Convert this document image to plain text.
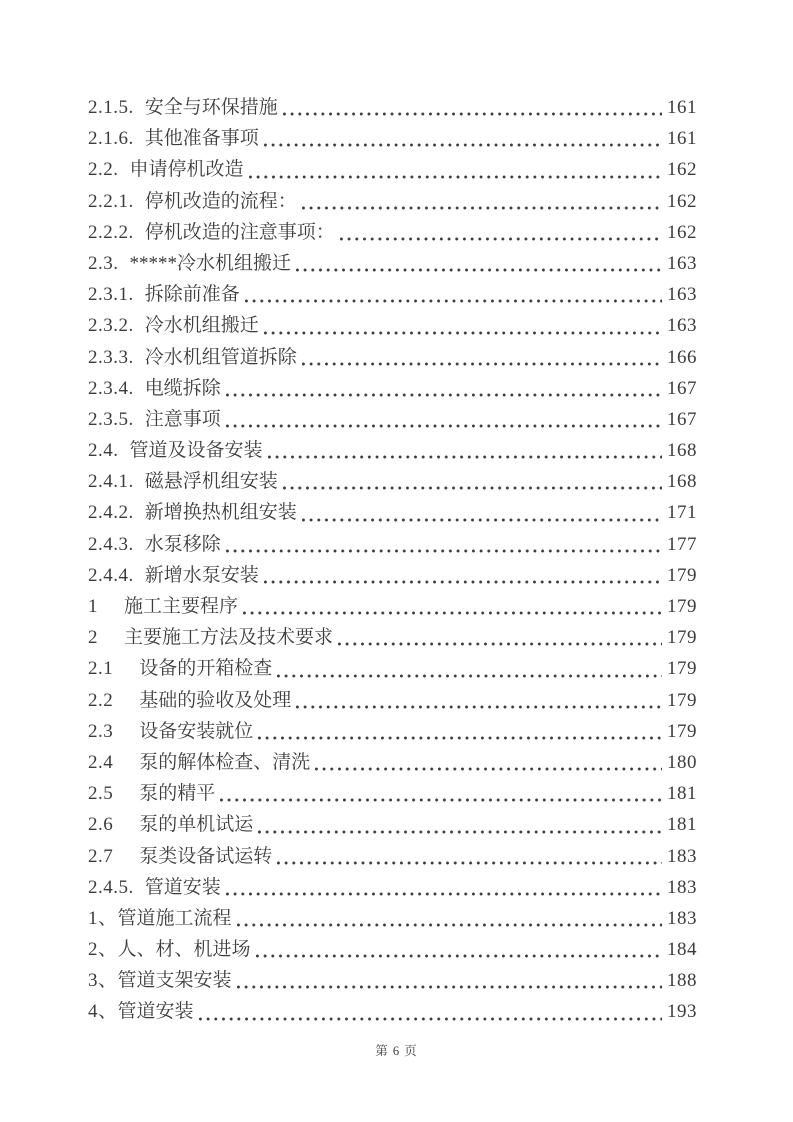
2.1.5. 安全与环保措施	161
2.1.6. 其他准备事项	161
2.2. 申请停机改造	162
2.2.1. 停机改造的流程：	162
2.2.2. 停机改造的注意事项：	162
2.3. *****冷水机组搬迁	163
2.3.1. 拆除前准备	163
2.3.2. 冷水机组搬迁	163
2.3.3. 冷水机组管道拆除	166
2.3.4. 电缆拆除	167
2.3.5. 注意事项	167
2.4. 管道及设备安装	168
2.4.1. 磁悬浮机组安装	168
2.4.2. 新增换热机组安装	171
2.4.3. 水泵移除	177
2.4.4. 新增水泵安装	179
1 施工主要程序	179
2 主要施工方法及技术要求	179
2.1 设备的开箱检查	179
2.2 基础的验收及处理	179
2.3 设备安装就位	179
2.4 泵的解体检查、清洗	180
2.5 泵的精平	181
2.6 泵的单机试运	181
2.7 泵类设备试运转	183
2.4.5. 管道安装	183
1、 管道施工流程	183
2、 人、材、机进场	184
3、 管道支架安装	188
4、 管道安装	193
第 6 页
